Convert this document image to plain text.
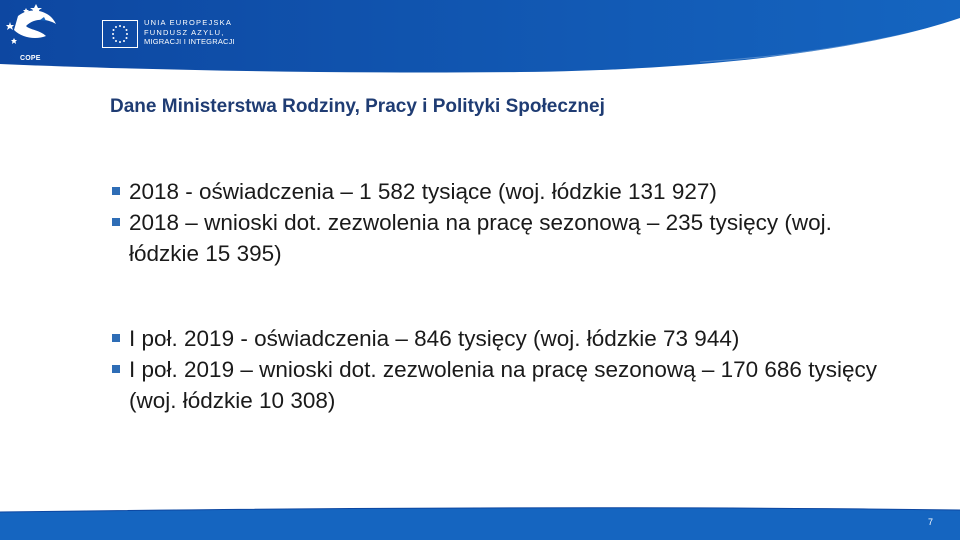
COPE
UNIA EUROPEJSKA
FUNDUSZ AZYLU,
MIGRACJI I INTEGRACJI
Dane Ministerstwa Rodziny, Pracy i Polityki Społecznej
2018 - oświadczenia – 1 582 tysiące (woj. łódzkie 131 927)
2018 – wnioski dot. zezwolenia na pracę sezonową – 235 tysięcy (woj. łódzkie 15 395)
I poł. 2019 - oświadczenia – 846 tysięcy (woj. łódzkie 73 944)
I poł. 2019 – wnioski dot. zezwolenia na pracę sezonową – 170 686 tysięcy (woj. łódzkie 10 308)
7
